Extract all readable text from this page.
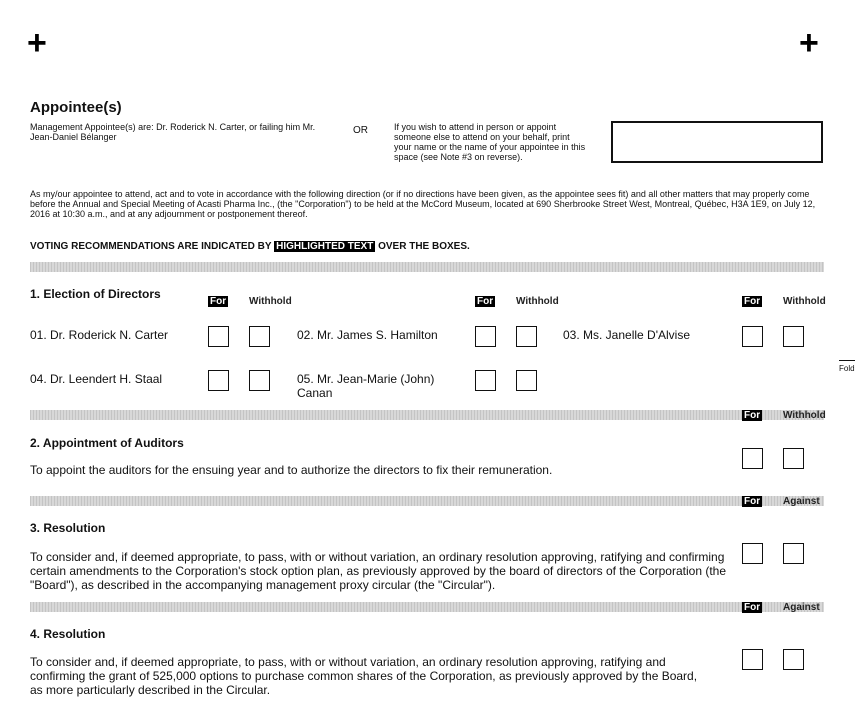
+	+
Appointee(s)
Management Appointee(s) are: Dr. Roderick N. Carter, or failing him Mr. Jean-Daniel Bélanger
OR	If you wish to attend in person or appoint someone else to attend on your behalf, print your name or the name of your appointee in this space (see Note #3 on reverse).
As my/our appointee to attend, act and to vote in accordance with the following direction (or if no directions have been given, as the appointee sees fit) and all other matters that may properly come before the Annual and Special Meeting of Acasti Pharma Inc., (the "Corporation") to be held at the McCord Museum, located at 690 Sherbrooke Street West, Montreal, Québec, H3A 1E9, on July 12, 2016 at 10:30 a.m., and at any adjournment or postponement thereof.
VOTING RECOMMENDATIONS ARE INDICATED BY HIGHLIGHTED TEXT OVER THE BOXES.
1. Election of Directors
For Withhold	For Withhold	For Withhold
01. Dr. Roderick N. Carter	02. Mr. James S. Hamilton	03. Ms. Janelle D'Alvise
04. Dr. Leendert H. Staal	05. Mr. Jean-Marie (John) Canan
Fold
For Withhold
2. Appointment of Auditors
To appoint the auditors for the ensuing year and to authorize the directors to fix their remuneration.
For Against
3. Resolution
To consider and, if deemed appropriate, to pass, with or without variation, an ordinary resolution approving, ratifying and confirming certain amendments to the Corporation's stock option plan, as previously approved by the board of directors of the Corporation (the "Board"), as described in the accompanying management proxy circular (the "Circular").
For Against
4. Resolution
To consider and, if deemed appropriate, to pass, with or without variation, an ordinary resolution approving, ratifying and confirming the grant of 525,000 options to purchase common shares of the Corporation, as previously approved by the Board, as more particularly described in the Circular.
